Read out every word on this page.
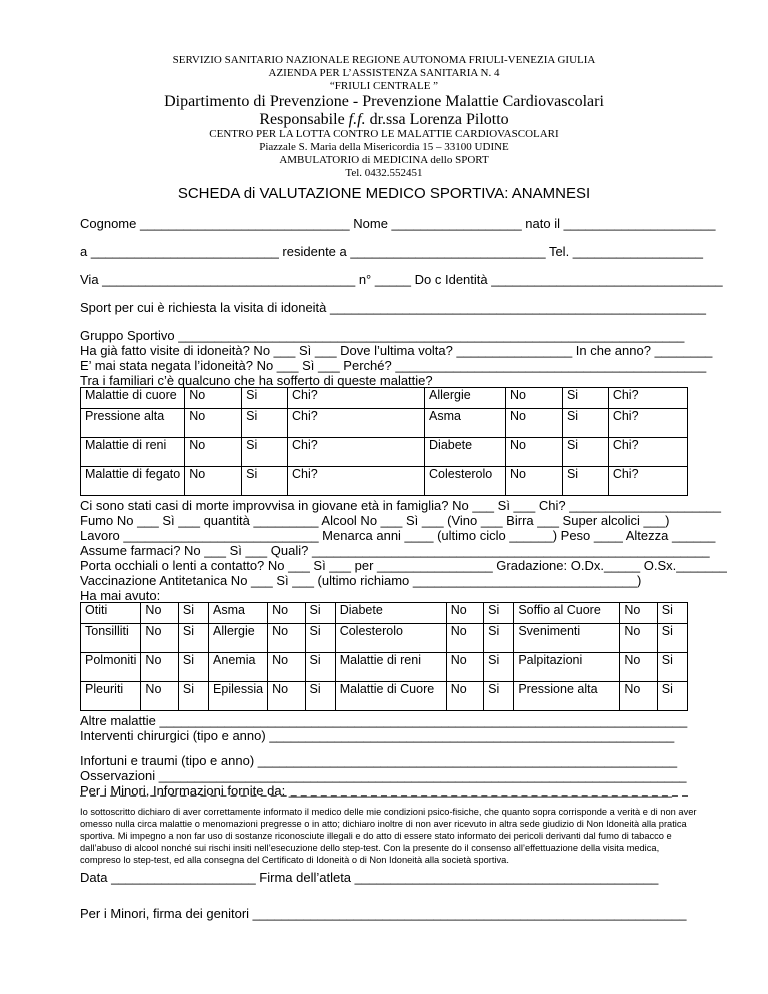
SERVIZIO SANITARIO NAZIONALE REGIONE AUTONOMA FRIULI-VENEZIA GIULIA
AZIENDA PER L’ASSISTENZA SANITARIA N. 4
“FRIULI CENTRALE ”
Dipartimento di Prevenzione - Prevenzione Malattie Cardiovascolari
Responsabile f.f. dr.ssa Lorenza Pilotto
CENTRO PER LA LOTTA CONTRO LE MALATTIE CARDIOVASCOLARI
Piazzale S. Maria della Misericordia 15 – 33100 UDINE
AMBULATORIO di MEDICINA dello SPORT
Tel. 0432.552451
SCHEDA di VALUTAZIONE MEDICO SPORTIVA: ANAMNESI
Cognome _____________________________ Nome __________________ nato il _____________________
a __________________________ residente a ___________________________ Tel. __________________
Via ___________________________________ n° _____ Do c Identità ________________________________
Sport per cui è richiesta la visita di idoneità ____________________________________________________
Gruppo Sportivo ______________________________________________________________________
Ha già fatto visite di idoneità? No ___ Sì ___ Dove l’ultima volta? ________________ In che anno? ________
E’ mai stata negata l’idoneità? No ___ Sì ___ Perché? ___________________________________________
Tra i familiari c’è qualcuno che ha sofferto di queste malattie?
Malattie di cuore	No	Si	Chi?	Allergie	No	Si	Chi?
Pressione alta	No	Si	Chi?	Asma	No	Si	Chi?
Malattie di reni	No	Si	Chi?	Diabete	No	Si	Chi?
Malattie di fegato	No	Si	Chi?	Colesterolo	No	Si	Chi?
Ci sono stati casi di morte improvvisa in giovane età in famiglia? No ___ Sì ___ Chi? _____________________
Fumo No ___ Sì ___ quantità _________ Alcool No ___ Sì ___ (Vino ___ Birra ___ Super alcolici ___)
Lavoro ___________________________ Menarca anni ____ (ultimo ciclo ______) Peso ____ Altezza ______
Assume farmaci? No ___ Sì ___ Quali? _______________________________________________________
Porta occhiali o lenti a contatto? No ___ Sì ___ per ________________ Gradazione: O.Dx._____ O.Sx._______
Vaccinazione Antitetanica No ___ Sì ___ (ultimo richiamo _______________________________)
Ha mai avuto:
Otiti	No	Si	Asma	No	Si	Diabete	No	Si	Soffio al Cuore	No	Si
Tonsilliti	No	Si	Allergie	No	Si	Colesterolo	No	Si	Svenimenti	No	Si
Polmoniti	No	Si	Anemia	No	Si	Malattie di reni	No	Si	Palpitazioni	No	Si
Pleuriti	No	Si	Epilessia	No	Si	Malattie di Cuore	No	Si	Pressione alta	No	Si
Altre malattie _________________________________________________________________________
Interventi chirurgici (tipo e anno) ________________________________________________________
Infortuni e traumi (tipo e anno) __________________________________________________________
Osservazioni _________________________________________________________________________
Per i Minori, Informazioni fornite da: _____________________________________________________
Io sottoscritto dichiaro di aver correttamente informato il medico delle mie condizioni psico-fisiche, che quanto sopra corrisponde a verità e di non aver omesso nulla circa malattie o menomazioni pregresse o in atto; dichiaro inoltre di non aver ricevuto in altra sede giudizio di Non Idoneità alla pratica sportiva. Mi impegno a non far uso di sostanze riconosciute illegali e do atto di essere stato informato dei pericoli derivanti dal fumo di tabacco e dall’abuso di alcool nonché sui rischi insiti nell’esecuzione dello step-test. Con la presente do il consenso all’effettuazione della visita medica, compreso lo step-test, ed alla consegna del Certificato di Idoneità o di Non Idoneità alla società sportiva.
Data ____________________ Firma dell’atleta __________________________________________
Per i Minori, firma dei genitori ____________________________________________________________
